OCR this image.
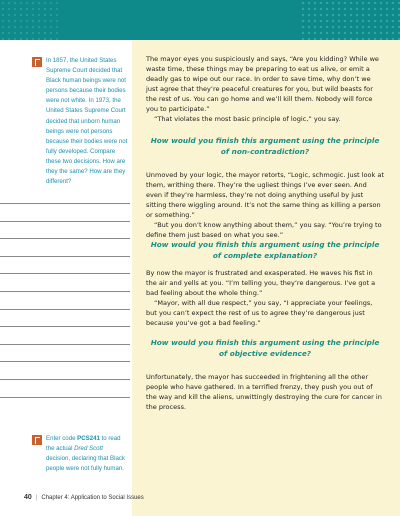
In 1857, the United States Supreme Court decided that Black human beings were not persons because their bodies were not white. In 1973, the United States Supreme Court decided that unborn human beings were not persons because their bodies were not fully developed. Compare these two decisions. How are they the same? How are they different?
Enter code PCS241 to read the actual Dred Scott decision, declaring that Black people were not fully human.

The mayor eyes you suspiciously and says, “Are you kidding? While we waste time, these things may be preparing to eat us alive, or emit a deadly gas to wipe out our race. In order to save time, why don’t we just agree that they’re peaceful creatures for you, but wild beasts for the rest of us. You can go home and we’ll kill them. Nobody will force you to participate.”

“That violates the most basic principle of logic,” you say.

How would you finish this argument using the principle of non-contradiction?

Unmoved by your logic, the mayor retorts, “Logic, schmogic. Just look at them, writhing there. They’re the ugliest things I’ve ever seen. And even if they’re harmless, they’re not doing anything useful by just sitting there wiggling around. It’s not the same thing as killing a person or something.”

“But you don’t know anything about them,” you say. “You’re trying to define them just based on what you see.”

How would you finish this argument using the principle of complete explanation?

By now the mayor is frustrated and exasperated. He waves his fist in the air and yells at you. “I’m telling you, they’re dangerous. I’ve got a bad feeling about the whole thing.”

“Mayor, with all due respect,” you say, “I appreciate your feelings, but you can’t expect the rest of us to agree they’re dangerous just because you’ve got a bad feeling.”

How would you finish this argument using the principle of objective evidence?

Unfortunately, the mayor has succeeded in frightening all the other people who have gathered. In a terrified frenzy, they push you out of the way and kill the aliens, unwittingly destroying the cure for cancer in the process.

40 | Chapter 4: Application to Social Issues
